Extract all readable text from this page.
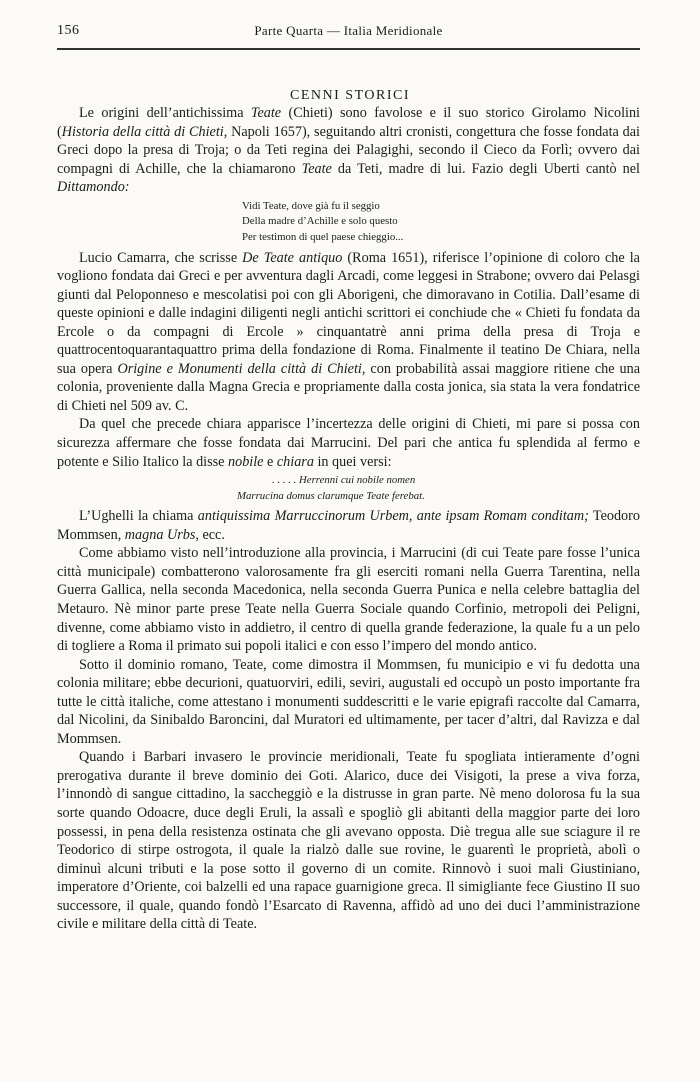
156	Parte Quarta — Italia Meridionale
CENNI STORICI

Le origini dell’antichissima Teate (Chieti) sono favolose e il suo storico Girolamo Nicolini (Historia della città di Chieti, Napoli 1657), seguitando altri cronisti, congettura che fosse fondata dai Greci dopo la presa di Troja; o da Teti regina dei Palagighi, secondo il Cieco da Forlì; ovvero dai compagni di Achille, che la chiamarono Teate da Teti, madre di lui. Fazio degli Uberti cantò nel Dittamondo:

Vidi Teate, dove già fu il seggio
Della madre d’Achille e solo questo
Per testimon di quel paese chieggio...

Lucio Camarra, che scrisse De Teate antiquo (Roma 1651), riferisce l’opinione di coloro che la vogliono fondata dai Greci e per avventura dagli Arcadi, come leggesi in Strabone; ovvero dai Pelasgi giunti dal Peloponneso e mescolatisi poi con gli Aborigeni, che dimoravano in Cotilia. Dall’esame di queste opinioni e dalle indagini diligenti negli antichi scrittori ei conchiude che « Chieti fu fondata da Ercole o da compagni di Ercole » cinquantatrè anni prima della presa di Troja e quattrocentoquarantaquattro prima della fondazione di Roma. Finalmente il teatino De Chiara, nella sua opera Origine e Monumenti della città di Chieti, con probabilità assai maggiore ritiene che una colonia, proveniente dalla Magna Grecia e propriamente dalla costa jonica, sia stata la vera fondatrice di Chieti nel 509 av. C.

Da quel che precede chiara apparisce l’incertezza delle origini di Chieti, mi pare si possa con sicurezza affermare che fosse fondata dai Marrucini. Del pari che antica fu splendida al fermo e potente e Silio Italico la disse nobile e chiara in quei versi:

. . . . . Herrenni cui nobile nomen
Marrucina domus clarumque Teate ferebat.

L’Ughelli la chiama antiquissima Marruccinorum Urbem, ante ipsam Romam conditam; Teodoro Mommsen, magna Urbs, ecc.

Come abbiamo visto nell’introduzione alla provincia, i Marrucini (di cui Teate pare fosse l’unica città municipale) combatterono valorosamente fra gli eserciti romani nella Guerra Tarentina, nella Guerra Gallica, nella seconda Macedonica, nella seconda Guerra Punica e nella celebre battaglia del Metauro. Nè minor parte prese Teate nella Guerra Sociale quando Corfinio, metropoli dei Peligni, divenne, come abbiamo visto in addietro, il centro di quella grande federazione, la quale fu a un pelo di togliere a Roma il primato sui popoli italici e con esso l’impero del mondo antico.

Sotto il dominio romano, Teate, come dimostra il Mommsen, fu municipio e vi fu dedotta una colonia militare; ebbe decurioni, quatuorviri, edili, seviri, augustali ed occupò un posto importante fra tutte le città italiche, come attestano i monumenti suddescritti e le varie epigrafi raccolte dal Camarra, dal Nicolini, da Sinibaldo Baroncini, dal Muratori ed ultimamente, per tacer d’altri, dal Ravizza e dal Mommsen.

Quando i Barbari invasero le provincie meridionali, Teate fu spogliata intieramente d’ogni prerogativa durante il breve dominio dei Goti. Alarico, duce dei Visigoti, la prese a viva forza, l’innondò di sangue cittadino, la saccheggiò e la distrusse in gran parte. Nè meno dolorosa fu la sua sorte quando Odoacre, duce degli Eruli, la assalì e spogliò gli abitanti della maggior parte dei loro possessi, in pena della resistenza ostinata che gli avevano opposta. Diè tregua alle sue sciagure il re Teodorico di stirpe ostrogota, il quale la rialzò dalle sue rovine, le guarentì le proprietà, abolì o diminuì alcuni tributi e la pose sotto il governo di un comite. Rinnovò i suoi mali Giustiniano, imperatore d’Oriente, coi balzelli ed una rapace guarnigione greca. Il simigliante fece Giustino II suo successore, il quale, quando fondò l’Esarcato di Ravenna, affidò ad uno dei duci l’amministrazione civile e militare della città di Teate.
